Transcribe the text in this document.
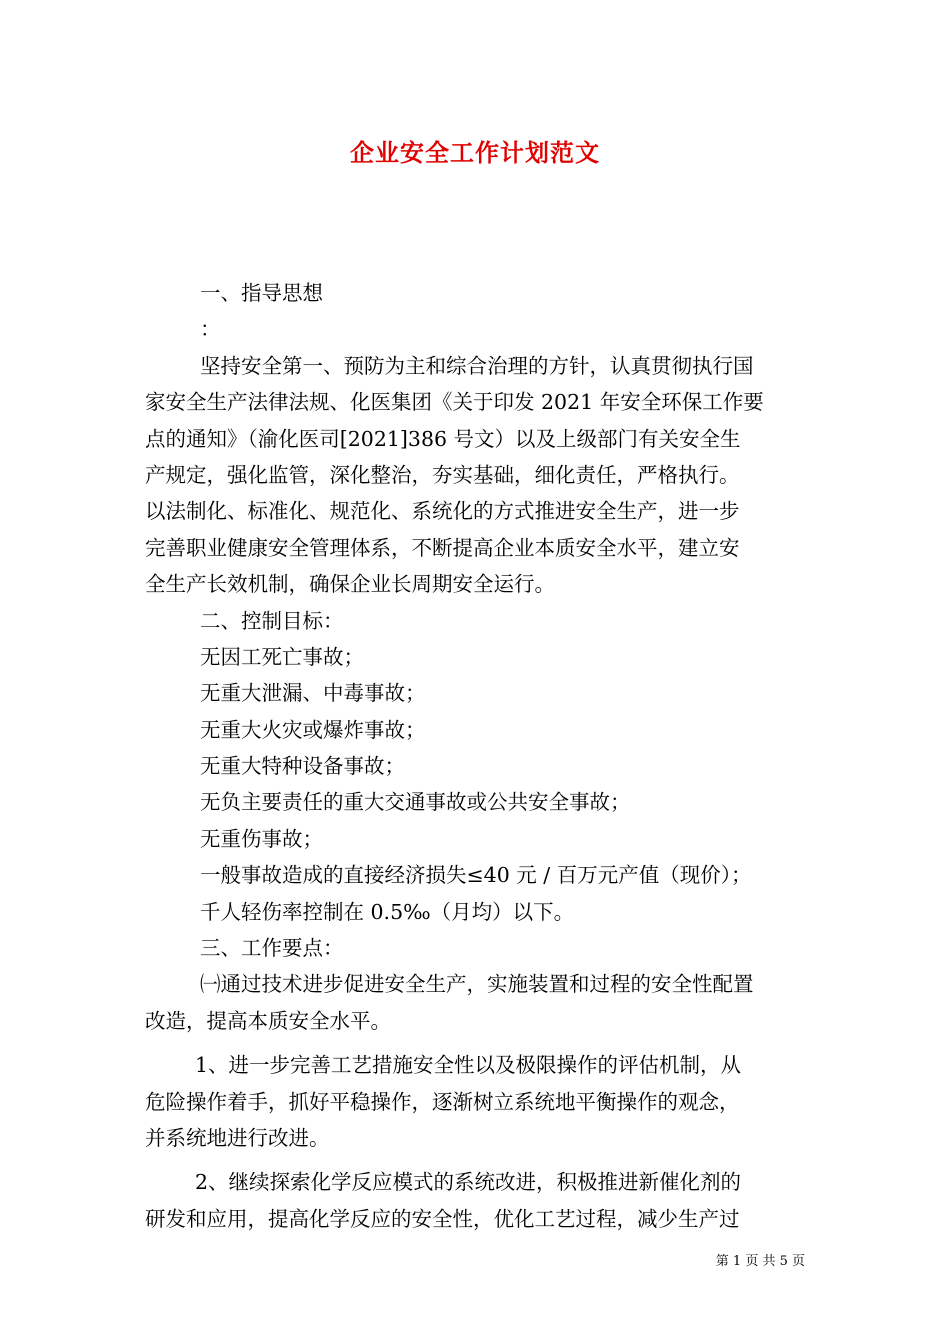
企业安全工作计划范文
一、指导思想
：
坚持安全第一、预防为主和综合治理的方针，认真贯彻执行国
家安全生产法律法规、化医集团《关于印发 2021 年安全环保工作要
点的通知》（渝化医司[2021]386 号文）以及上级部门有关安全生
产规定，强化监管，深化整治，夯实基础，细化责任，严格执行。
以法制化、标准化、规范化、系统化的方式推进安全生产，进一步
完善职业健康安全管理体系，不断提高企业本质安全水平，建立安
全生产长效机制，确保企业长周期安全运行。
二、控制目标：
无因工死亡事故；
无重大泄漏、中毒事故；
无重大火灾或爆炸事故；
无重大特种设备事故；
无负主要责任的重大交通事故或公共安全事故；
无重伤事故；
一般事故造成的直接经济损失≤40 元 / 百万元产值（现价）；
千人轻伤率控制在 0.5‰（月均）以下。
三、工作要点：
㈠通过技术进步促进安全生产，实施装置和过程的安全性配置
改造，提高本质安全水平。
1、进一步完善工艺措施安全性以及极限操作的评估机制，从
危险操作着手，抓好平稳操作，逐渐树立系统地平衡操作的观念，
并系统地进行改进。
2、继续探索化学反应模式的系统改进，积极推进新催化剂的
研发和应用，提高化学反应的安全性，优化工艺过程，减少生产过
第 1 页 共 5 页
